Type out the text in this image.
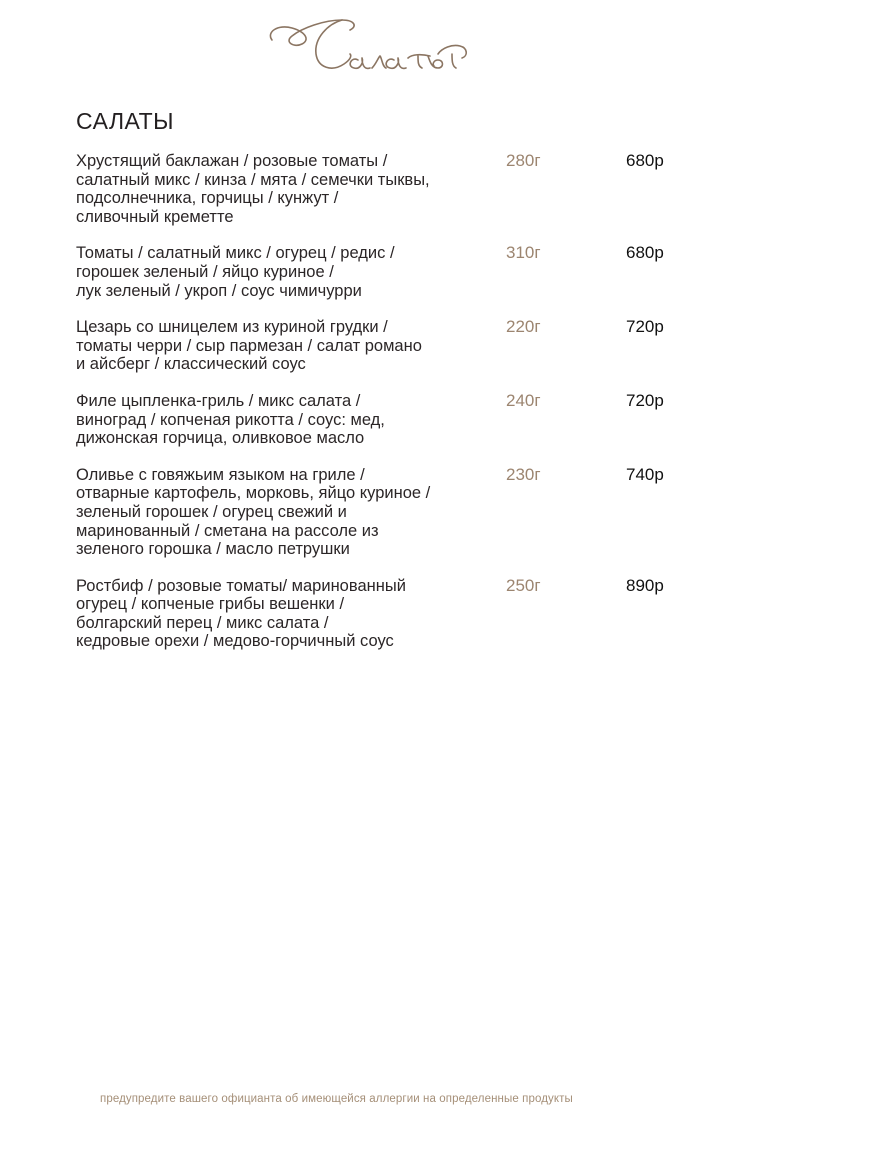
САЛАТЫ

Хрустящий баклажан / розовые томаты /
салатный микс / кинза / мята / семечки тыквы,
подсолнечника, горчицы / кунжут /
сливочный креметте

280г	680р

Томаты / салатный микс / огурец / редис /
горошек зеленый / яйцо куриное /
лук зеленый / укроп / соус чимичурри

310г	680р

Цезарь со шницелем из куриной грудки /
томаты черри / сыр пармезан / салат романо
и айсберг / классический соус

220г	720р

Филе цыпленка-гриль / микс салата /
виноград / копченая рикотта / соус: мед,
дижонская горчица, оливковое масло

240г	720р

Оливье с говяжьим языком на гриле /
отварные картофель, морковь, яйцо куриное /
зеленый горошек / огурец свежий и
маринованный / сметана на рассоле из
зеленого горошка / масло петрушки

230г	740р

Ростбиф / розовые томаты/ маринованный
огурец / копченые грибы вешенки /
болгарский перец / микс салата /
кедровые орехи / медово-горчичный соус

250г	890р
предупредите вашего официанта об имеющейся аллергии на определенные продукты
